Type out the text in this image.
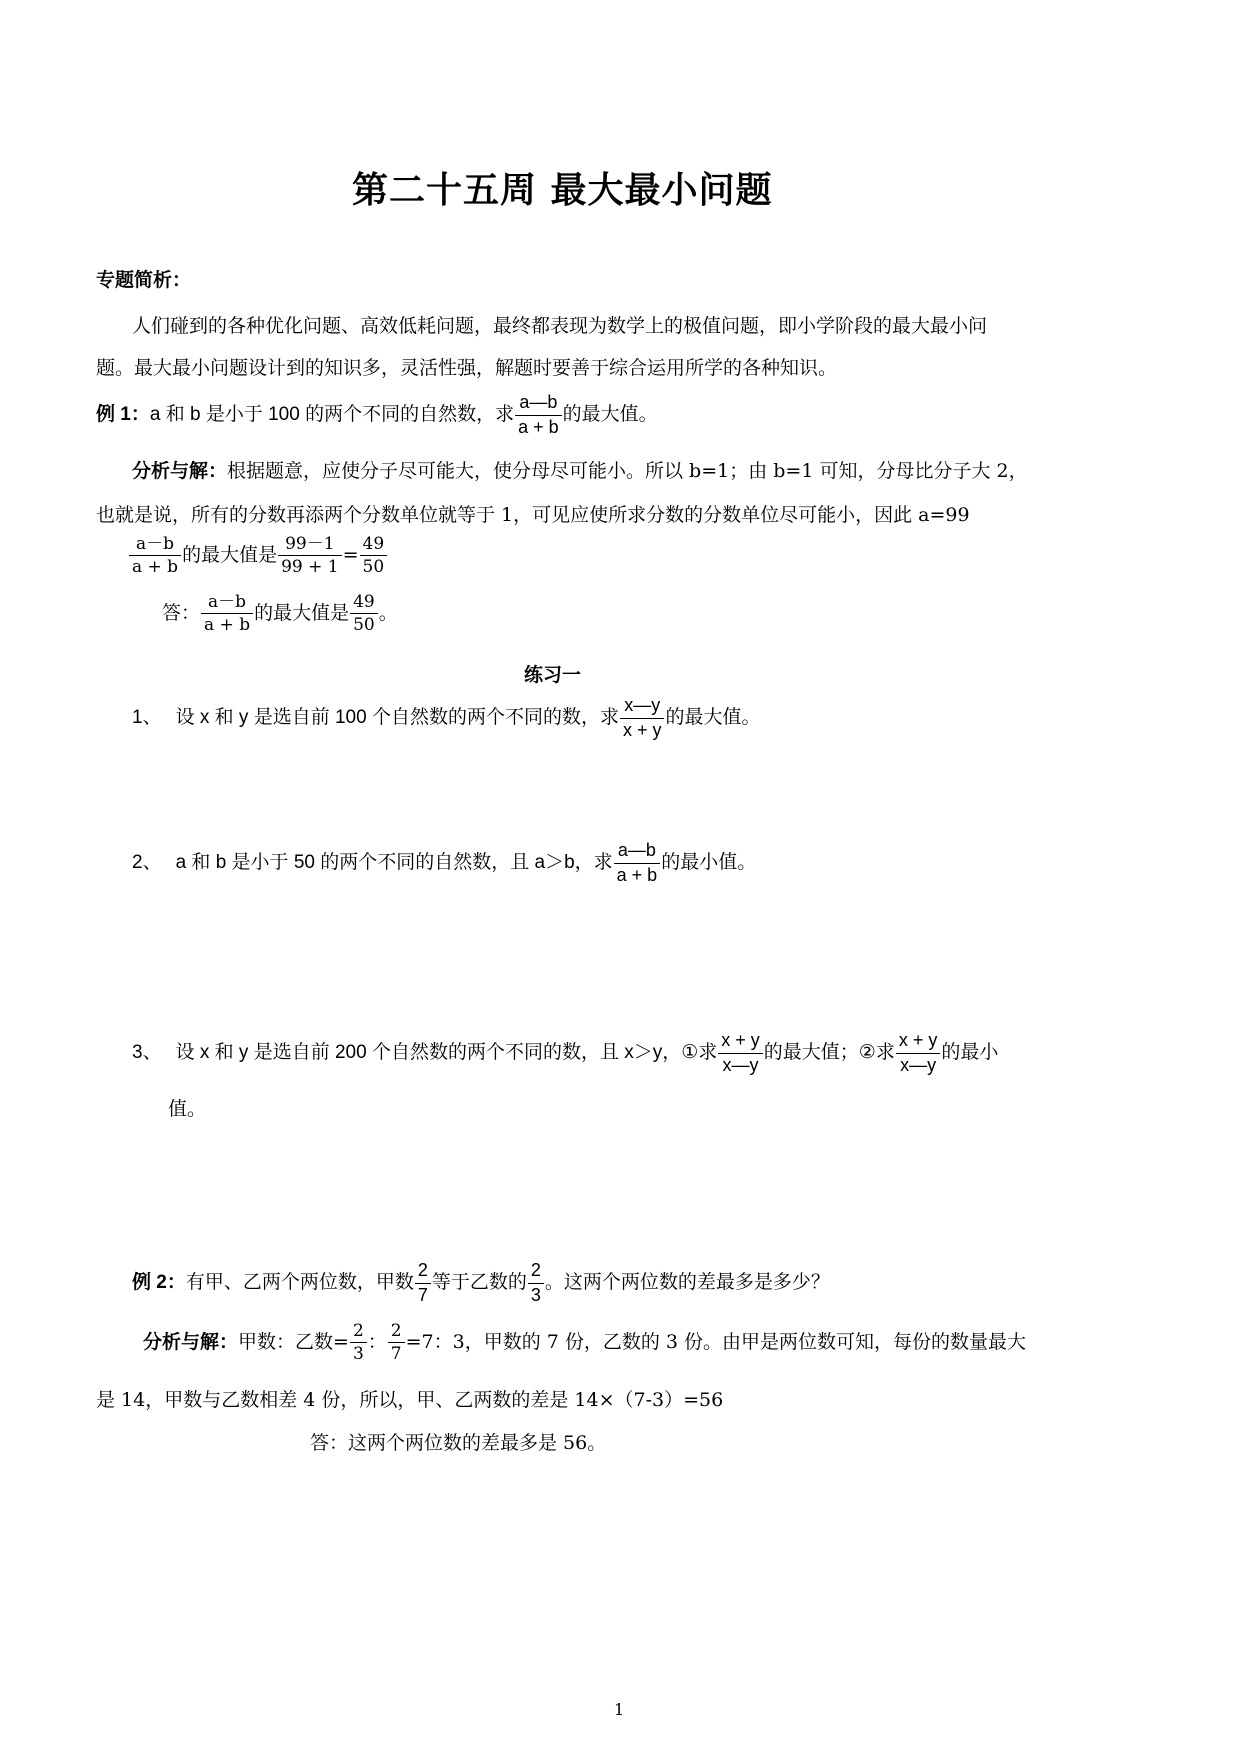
第二十五周 最大最小问题
专题简析：
人们碰到的各种优化问题、高效低耗问题，最终都表现为数学上的极值问题，即小学阶段的最大最小问
题。最大最小问题设计到的知识多，灵活性强，解题时要善于综合运用所学的各种知识。
例 1：a 和 b 是小于 100 的两个不同的自然数，求 $\frac{a—b}{a + b}$ 的最大值。
分析与解：根据题意，应使分子尽可能大，使分母尽可能小。所以 b=1；由 b=1 可知，分母比分子大 2，
也就是说，所有的分数再添两个分数单位就等于 1，可见应使所求分数的分数单位尽可能小，因此 a=99
$\frac{a-b}{a + b}$ 的最大值是 $\frac{99-1}{99 + 1} = \frac{49}{50}$
答： $\frac{a-b}{a + b}$ 的最大值是 $\frac{49}{50}$ 。
练习一
1、 设 x 和 y 是选自前 100 个自然数的两个不同的数，求 $\frac{x—y}{x + y}$ 的最大值。
2、 a 和 b 是小于 50 的两个不同的自然数，且 a＞b，求 $\frac{a—b}{a + b}$ 的最小值。
3、 设 x 和 y 是选自前 200 个自然数的两个不同的数，且 x＞y，①求 $\frac{x + y}{x—y}$ 的最大值；②求 $\frac{x + y}{x—y}$ 的最小
值。
例 2：有甲、乙两个两位数，甲数 $\frac{2}{7}$ 等于乙数的 $\frac{2}{3}$ 。这两个两位数的差最多是多少？
分析与解：甲数：乙数= $\frac{2}{3}$ ： $\frac{2}{7} =7$：3，甲数的 7 份，乙数的 3 份。由甲是两位数可知，每份的数量最大
是 14，甲数与乙数相差 4 份，所以，甲、乙两数的差是 14×（7-3）=56
答：这两个两位数的差最多是 56。
1
